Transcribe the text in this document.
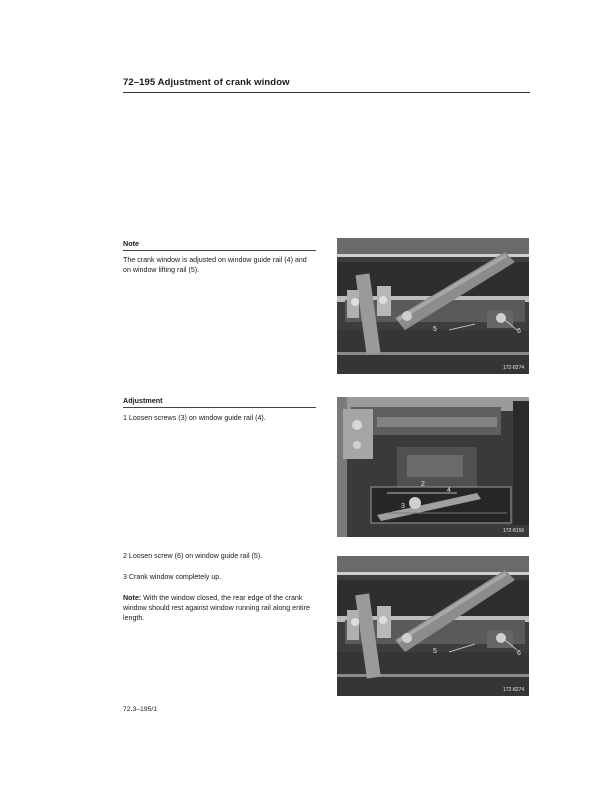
72–195 Adjustment of crank window
Note
The crank window is adjusted on window guide rail (4) and on window lifting rail (5).
Adjustment
1 Loosen screws (3) on window guide rail (4).
2 Loosen screw (6) on window guide rail (5).
3 Crank window completely up.
Note: With the window closed, the rear edge of the crank window should rest against window running rail along entire length.
5	6
172-8274
2
4
3
172-8156
5	6
172-8274
72.3–195/1
